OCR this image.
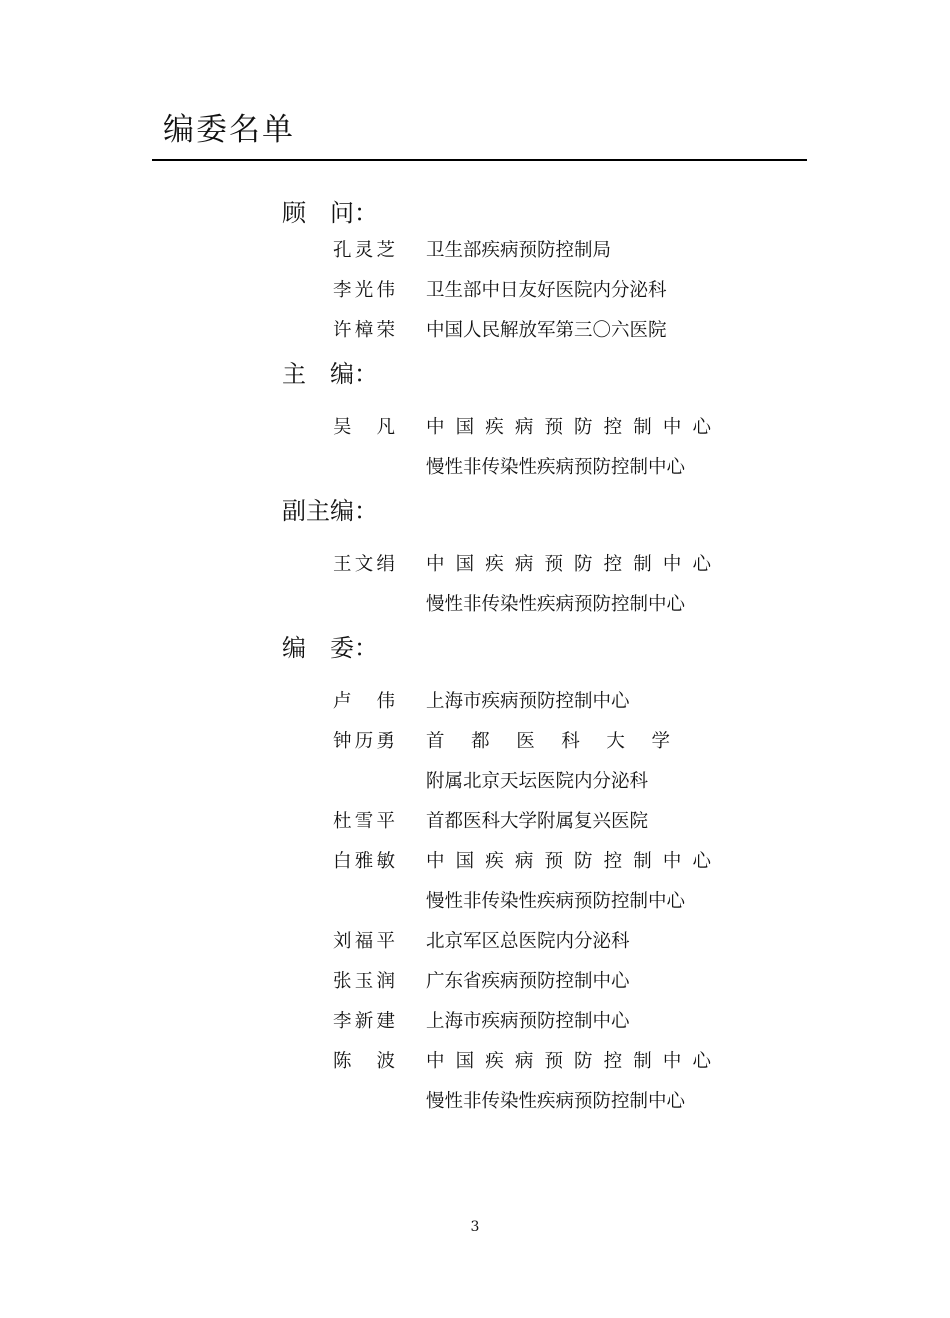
编委名单
顾　问：
孔灵芝 卫生部疾病预防控制局
李光伟 卫生部中日友好医院内分泌科
许樟荣 中国人民解放军第三〇六医院
主　编：
吴　凡 中国疾病预防控制中心
慢性非传染性疾病预防控制中心
副主编：
王文绢 中国疾病预防控制中心
慢性非传染性疾病预防控制中心
编　委：
卢　伟 上海市疾病预防控制中心
钟历勇 首都医科大学
附属北京天坛医院内分泌科
杜雪平 首都医科大学附属复兴医院
白雅敏 中国疾病预防控制中心
慢性非传染性疾病预防控制中心
刘福平 北京军区总医院内分泌科
张玉润 广东省疾病预防控制中心
李新建 上海市疾病预防控制中心
陈　波 中国疾病预防控制中心
慢性非传染性疾病预防控制中心
3
